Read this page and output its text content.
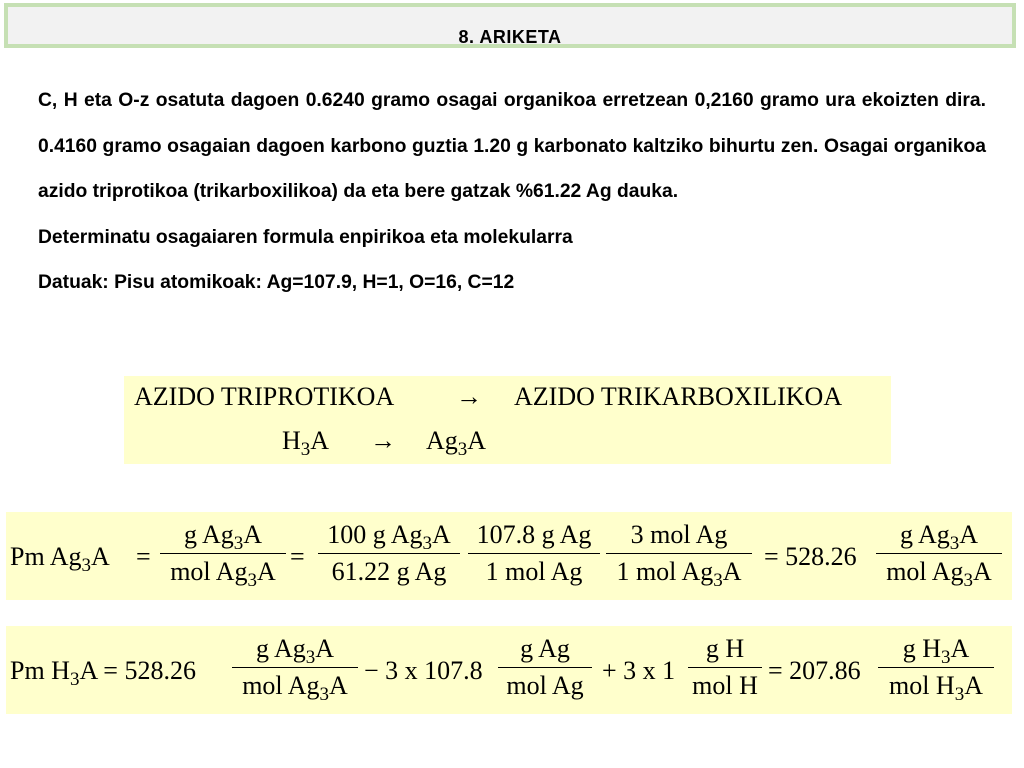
8. ARIKETA
C, H eta O-z osatuta dagoen 0.6240 gramo osagai organikoa erretzean 0,2160 gramo ura ekoizten dira. 0.4160 gramo osagaian dagoen karbono guztia 1.20 g karbonato kaltziko bihurtu zen. Osagai organikoa azido triprotikoa (trikarboxilikoa) da eta bere gatzak %61.22 Ag dauka.
Determinatu osagaiaren formula enpirikoa eta molekularra
Datuak: Pisu atomikoak: Ag=107.9, H=1, O=16, C=12
AZIDO TRIPROTIKOA → AZIDO TRIKARBOXILIKOA
$H_3A \to Ag_3A$
Pm $Ag_3A$ =
g $Ag_3A$
mol $Ag_3A$
=
100 g $Ag_3A$
61.22 g Ag
107.8 g Ag
1 mol Ag
3 mol Ag
1 mol $Ag_3A$
= 528.26
g $Ag_3A$
mol $Ag_3A$
Pm $H_3A = 528.26$
g $Ag_3A$
mol $Ag_3A$
− 3 x 107.8
g Ag
mol Ag
+ 3 x 1
g H
mol H
= 207.86
g $H_3A$
mol $H_3A$
